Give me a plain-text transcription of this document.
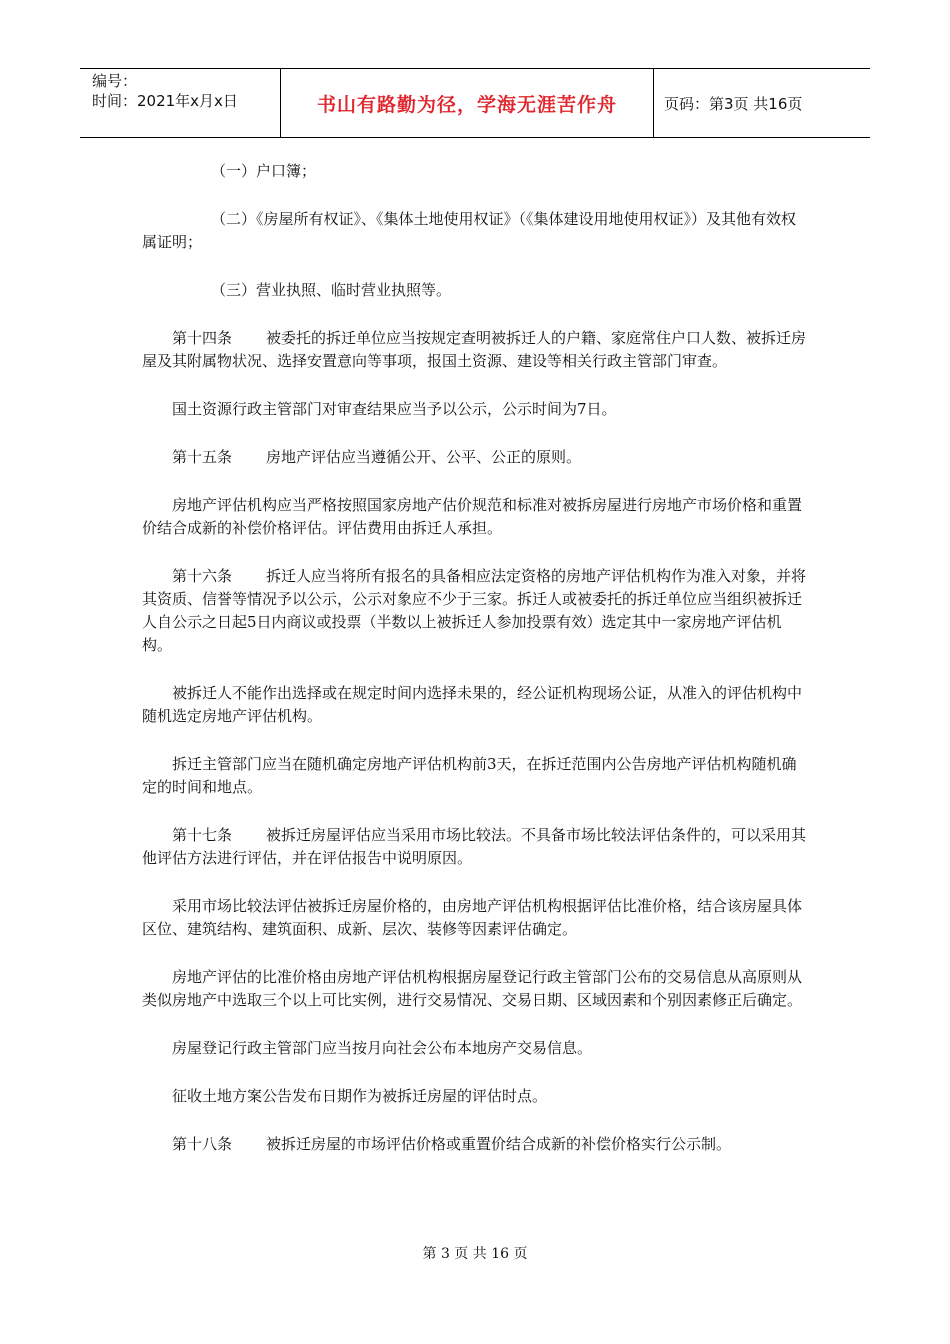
编号：
时间：2021年x月x日	书山有路勤为径，学海无涯苦作舟	页码：第3页 共16页

（一）户口簿；

（二）《房屋所有权证》、《集体土地使用权证》（《集体建设用地使用权证》）及其他有效权属证明；

（三）营业执照、临时营业执照等。

第十四条 被委托的拆迁单位应当按规定查明被拆迁人的户籍、家庭常住户口人数、被拆迁房屋及其附属物状况、选择安置意向等事项，报国土资源、建设等相关行政主管部门审查。

国土资源行政主管部门对审查结果应当予以公示，公示时间为7日。

第十五条 房地产评估应当遵循公开、公平、公正的原则。

房地产评估机构应当严格按照国家房地产估价规范和标准对被拆房屋进行房地产市场价格和重置价结合成新的补偿价格评估。评估费用由拆迁人承担。

第十六条 拆迁人应当将所有报名的具备相应法定资格的房地产评估机构作为准入对象，并将其资质、信誉等情况予以公示，公示对象应不少于三家。拆迁人或被委托的拆迁单位应当组织被拆迁人自公示之日起5日内商议或投票（半数以上被拆迁人参加投票有效）选定其中一家房地产评估机构。

被拆迁人不能作出选择或在规定时间内选择未果的，经公证机构现场公证，从准入的评估机构中随机选定房地产评估机构。

拆迁主管部门应当在随机确定房地产评估机构前3天，在拆迁范围内公告房地产评估机构随机确定的时间和地点。

第十七条 被拆迁房屋评估应当采用市场比较法。不具备市场比较法评估条件的，可以采用其他评估方法进行评估，并在评估报告中说明原因。

采用市场比较法评估被拆迁房屋价格的，由房地产评估机构根据评估比准价格，结合该房屋具体区位、建筑结构、建筑面积、成新、层次、装修等因素评估确定。

房地产评估的比准价格由房地产评估机构根据房屋登记行政主管部门公布的交易信息从高原则从类似房地产中选取三个以上可比实例，进行交易情况、交易日期、区域因素和个别因素修正后确定。

房屋登记行政主管部门应当按月向社会公布本地房产交易信息。

征收土地方案公告发布日期作为被拆迁房屋的评估时点。

第十八条 被拆迁房屋的市场评估价格或重置价结合成新的补偿价格实行公示制。

第 3 页 共 16 页
